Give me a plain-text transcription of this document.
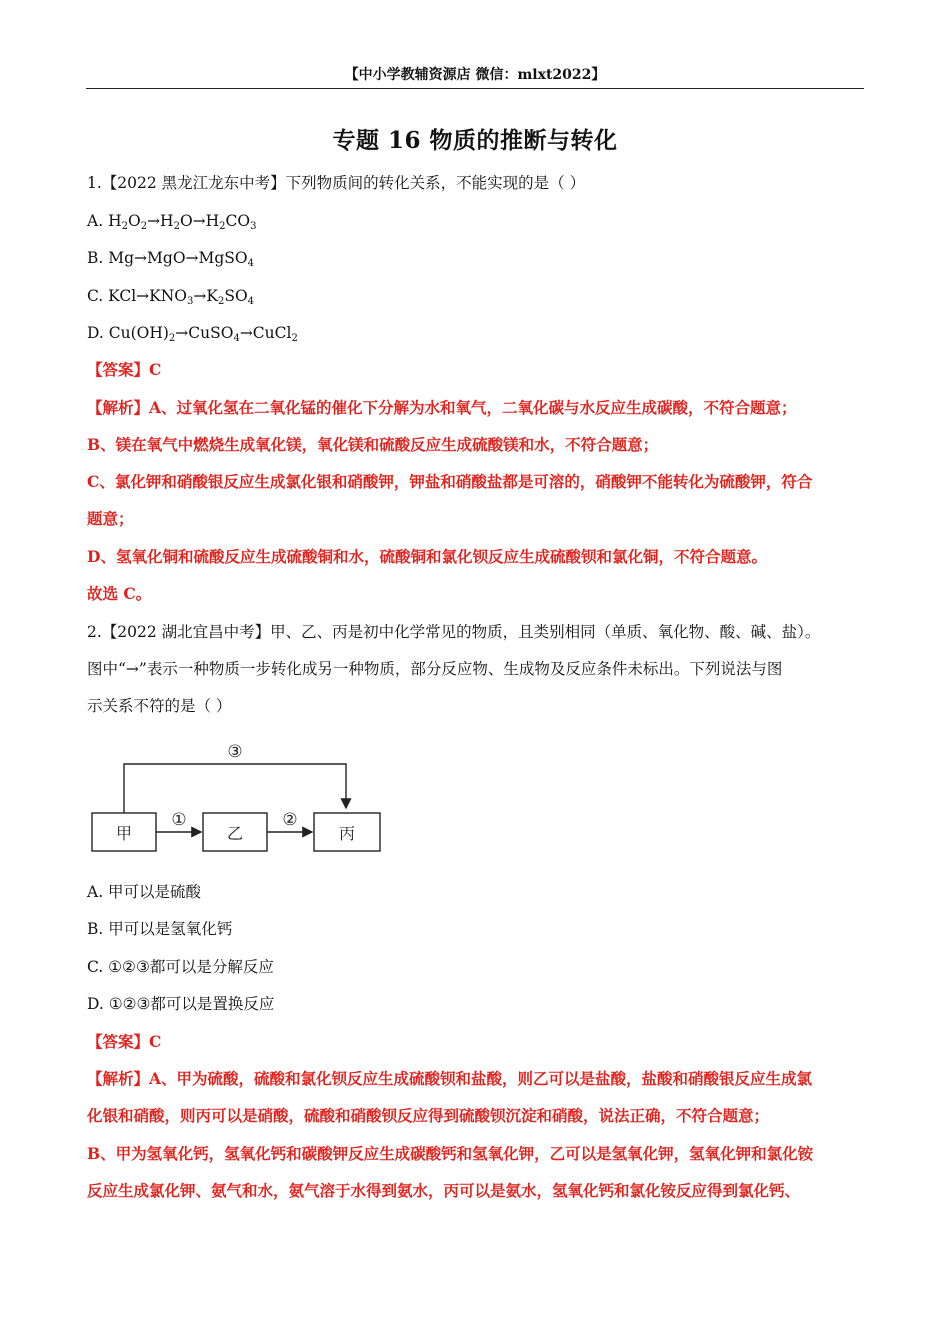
【中小学教辅资源店 微信：mlxt2022】
专题 16 物质的推断与转化
1.【2022 黑龙江龙东中考】下列物质间的转化关系，不能实现的是（ ）
A. $H_2O_2\to H_2O\to H_2CO_3$
B. Mg→MgO→MgSO$_4$
C. $KCl\to KNO_3\to K_2SO_4$
D. $Cu(OH)_2\to CuSO_4\to CuCl_2$
【答案】C
【解析】A、过氧化氢在二氧化锰的催化下分解为水和氧气，二氧化碳与水反应生成碳酸，不符合题意；
B、镁在氧气中燃烧生成氧化镁，氧化镁和硫酸反应生成硫酸镁和水，不符合题意；
C、氯化钾和硝酸银反应生成氯化银和硝酸钾，钾盐和硝酸盐都是可溶的，硝酸钾不能转化为硫酸钾，符合
题意；
D、氢氧化铜和硫酸反应生成硫酸铜和水，硫酸铜和氯化钡反应生成硫酸钡和氯化铜，不符合题意。
故选 C。
2.【2022 湖北宜昌中考】甲、乙、丙是初中化学常见的物质，且类别相同（单质、氧化物、酸、碱、盐）。
图中“→”表示一种物质一步转化成另一种物质，部分反应物、生成物及反应条件未标出。下列说法与图
示关系不符的是（ ）
③
甲	乙	丙
①	②
A. 甲可以是硫酸
B. 甲可以是氢氧化钙
C. ①②③都可以是分解反应
D. ①②③都可以是置换反应
【答案】C
【解析】A、甲为硫酸，硫酸和氯化钡反应生成硫酸钡和盐酸，则乙可以是盐酸，盐酸和硝酸银反应生成氯
化银和硝酸，则丙可以是硝酸，硫酸和硝酸钡反应得到硫酸钡沉淀和硝酸，说法正确，不符合题意；
B、甲为氢氧化钙，氢氧化钙和碳酸钾反应生成碳酸钙和氢氧化钾，乙可以是氢氧化钾，氢氧化钾和氯化铵
反应生成氯化钾、氨气和水，氨气溶于水得到氨水，丙可以是氨水，氢氧化钙和氯化铵反应得到氯化钙、
